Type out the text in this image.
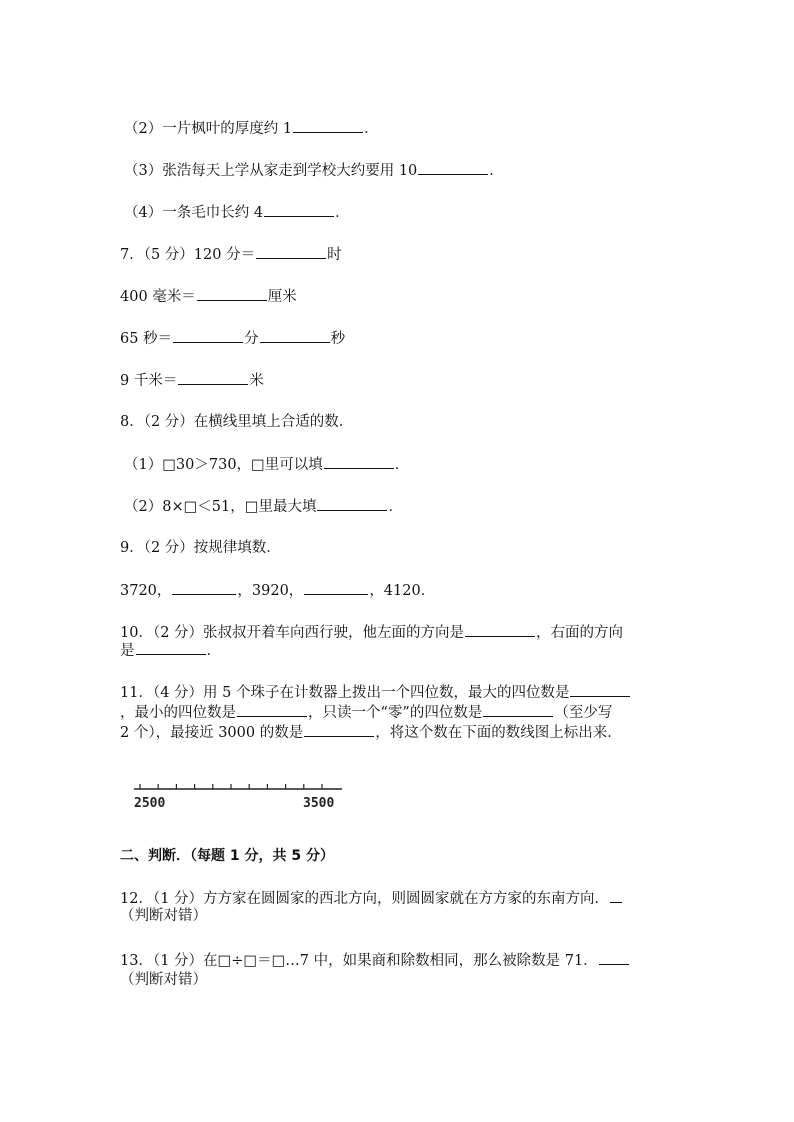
（2）一片枫叶的厚度约 1	．
（3）张浩每天上学从家走到学校大约要用 10	．
（4）一条毛巾长约 4	．
7．（5 分）120 分＝	时
400 毫米＝	厘米
65 秒＝	分	秒
9 千米＝	米
8．（2 分）在横线里填上合适的数．
（1）□30＞730，□里可以填	．
（2）8×□＜51，□里最大填	．
9．（2 分）按规律填数．
3720，	，3920，	，4120．
10．（2 分）张叔叔开着车向西行驶，他左面的方向是	，右面的方向
是	．
11．（4 分）用 5 个珠子在计数器上拨出一个四位数，最大的四位数是
，最小的四位数是	，只读一个“零”的四位数是	（至少写
2 个），最接近 3000 的数是	，将这个数在下面的数线图上标出来．
2500	3500
二、判断．（每题 1 分，共 5 分）
12．（1 分）方方家在圆圆家的西北方向，则圆圆家就在方方家的东南方向．
（判断对错）
13．（1 分）在□÷□＝□…7 中，如果商和除数相同，那么被除数是 71．
（判断对错）
